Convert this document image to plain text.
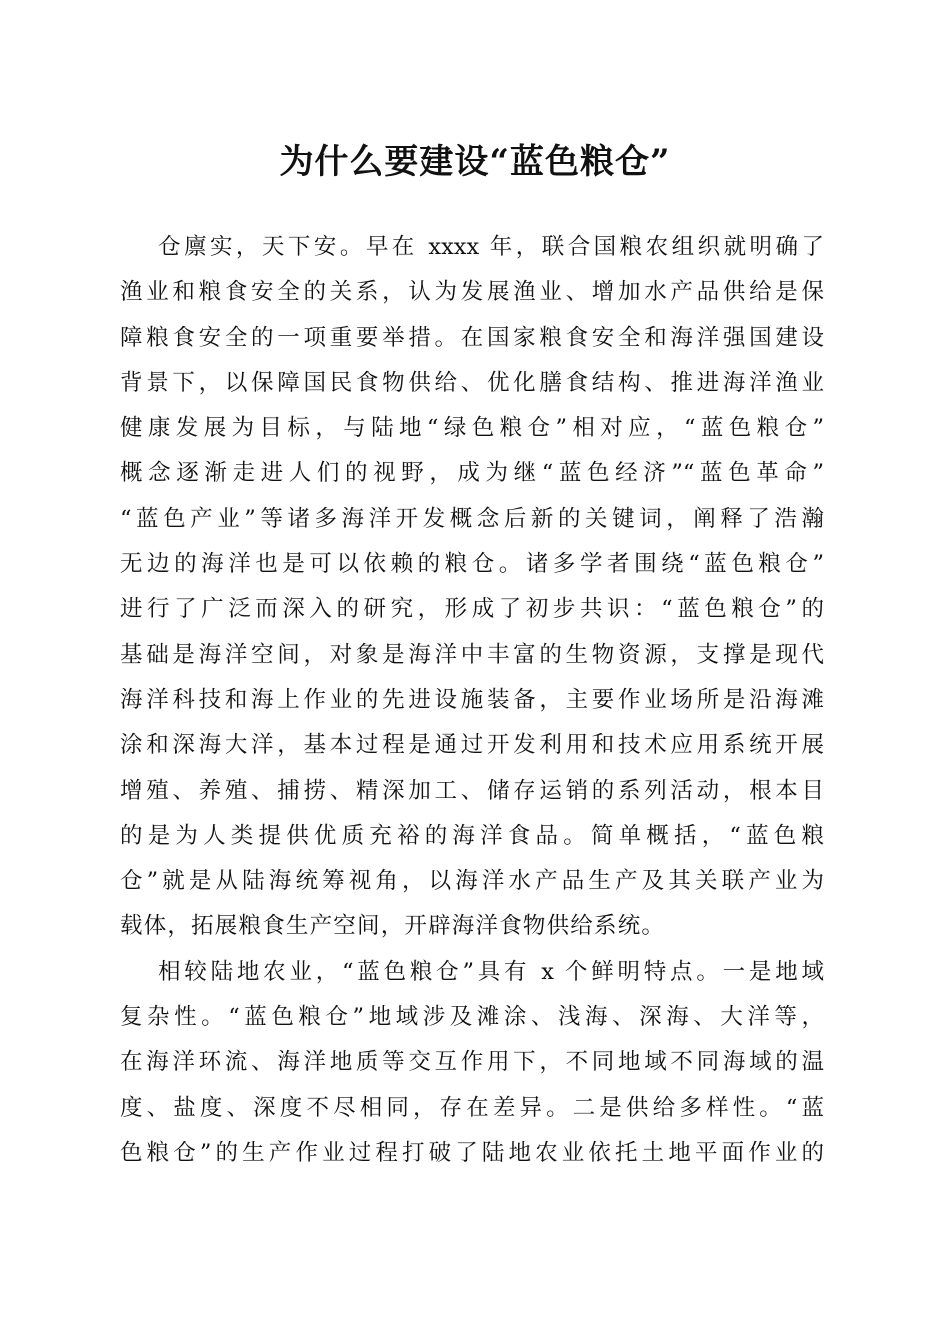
为什么要建设“蓝色粮仓”
仓廪实，天下安。早在 xxxx 年，联合国粮农组织就明确了
渔业和粮食安全的关系，认为发展渔业、增加水产品供给是保
障粮食安全的一项重要举措。在国家粮食安全和海洋强国建设
背景下，以保障国民食物供给、优化膳食结构、推进海洋渔业
健康发展为目标，与陆地“绿色粮仓”相对应，“蓝色粮仓”
概念逐渐走进人们的视野，成为继“蓝色经济”“蓝色革命”
“蓝色产业”等诸多海洋开发概念后新的关键词，阐释了浩瀚
无边的海洋也是可以依赖的粮仓。诸多学者围绕“蓝色粮仓”
进行了广泛而深入的研究，形成了初步共识：“蓝色粮仓”的
基础是海洋空间，对象是海洋中丰富的生物资源，支撑是现代
海洋科技和海上作业的先进设施装备，主要作业场所是沿海滩
涂和深海大洋，基本过程是通过开发利用和技术应用系统开展
增殖、养殖、捕捞、精深加工、储存运销的系列活动，根本目
的是为人类提供优质充裕的海洋食品。简单概括，“蓝色粮
仓”就是从陆海统筹视角，以海洋水产品生产及其关联产业为
载体，拓展粮食生产空间，开辟海洋食物供给系统。
相较陆地农业，“蓝色粮仓”具有 x 个鲜明特点。一是地域
复杂性。“蓝色粮仓”地域涉及滩涂、浅海、深海、大洋等，
在海洋环流、海洋地质等交互作用下，不同地域不同海域的温
度、盐度、深度不尽相同，存在差异。二是供给多样性。“蓝
色粮仓”的生产作业过程打破了陆地农业依托土地平面作业的
